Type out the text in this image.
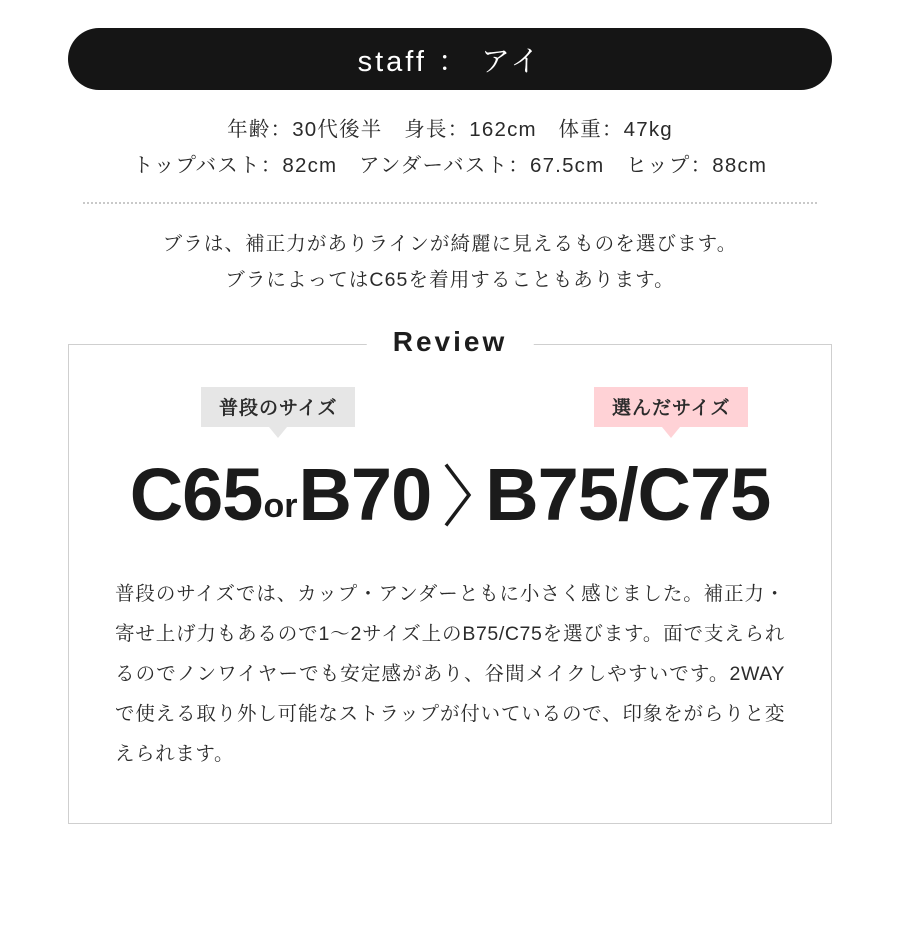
staff ： アイ
年齢：30代後半　身長：162cm　体重：47kg
トップバスト：82cm　アンダーバスト：67.5cm　ヒップ：88cm
ブラは、補正力がありラインが綺麗に見えるものを選びます。
ブラによってはC65を着用することもあります。
Review
普段のサイズ	選んだサイズ
C65 or B70 B75/C75
普段のサイズでは、カップ・アンダーともに小さく感じました。補正力・寄せ上げ力もあるので1〜2サイズ上のB75/C75を選びます。面で支えられるのでノンワイヤーでも安定感があり、谷間メイクしやすいです。2WAYで使える取り外し可能なストラップが付いているので、印象をがらりと変えられます。
